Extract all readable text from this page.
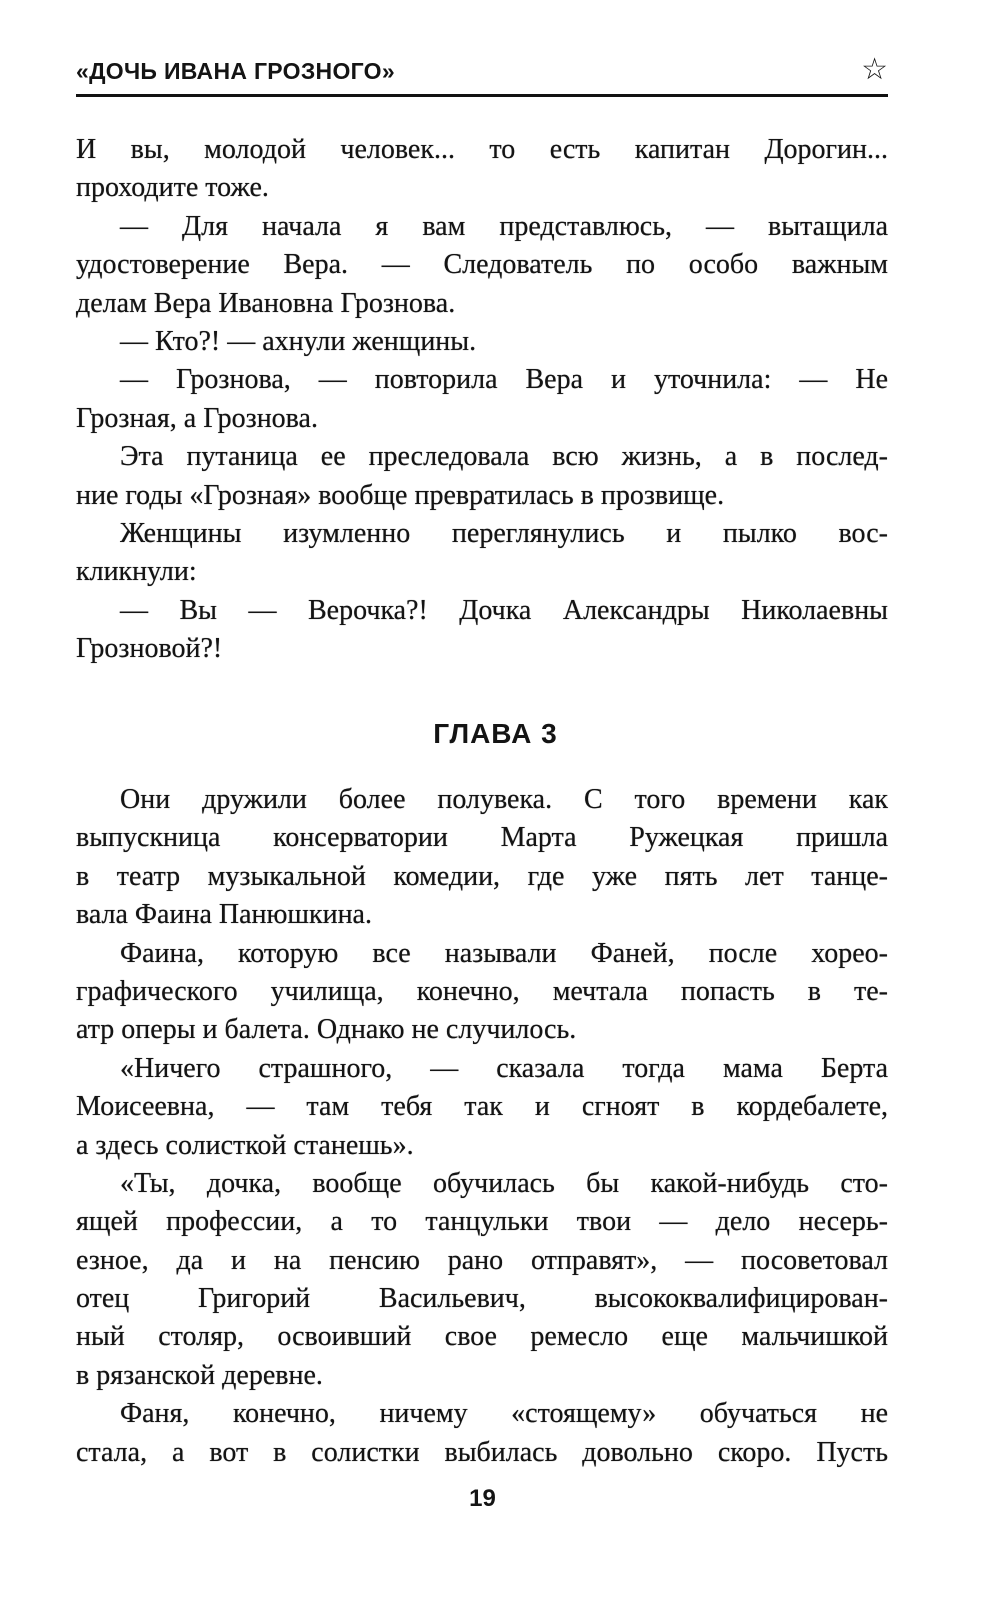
«ДОЧЬ ИВАНА ГРОЗНОГО»	☆
И вы, молодой человек... то есть капитан Дорогин...
проходите тоже.
— Для начала я вам представлюсь, — вытащила
удостоверение Вера. — Следователь по особо важным
делам Вера Ивановна Грознова.
— Кто?! — ахнули женщины.
— Грознова, — повторила Вера и уточнила: — Не
Грозная, а Грознова.
Эта путаница ее преследовала всю жизнь, а в послед-
ние годы «Грозная» вообще превратилась в прозвище.
Женщины изумленно переглянулись и пылко вос-
кликнули:
— Вы — Верочка?! Дочка Александры Николаевны
Грозновой?!
ГЛАВА 3
Они дружили более полувека. С того времени как
выпускница консерватории Марта Ружецкая пришла
в театр музыкальной комедии, где уже пять лет танце-
вала Фаина Панюшкина.
Фаина, которую все называли Фаней, после хорео-
графического училища, конечно, мечтала попасть в те-
атр оперы и балета. Однако не случилось.
«Ничего страшного, — сказала тогда мама Берта
Моисеевна, — там тебя так и сгноят в кордебалете,
а здесь солисткой станешь».
«Ты, дочка, вообще обучилась бы какой-нибудь сто-
ящей профессии, а то танцульки твои — дело несерь-
езное, да и на пенсию рано отправят», — посоветовал
отец Григорий Васильевич, высококвалифицирован-
ный столяр, освоивший свое ремесло еще мальчишкой
в рязанской деревне.
Фаня, конечно, ничему «стоящему» обучаться не
стала, а вот в солистки выбилась довольно скоро. Пусть
19
